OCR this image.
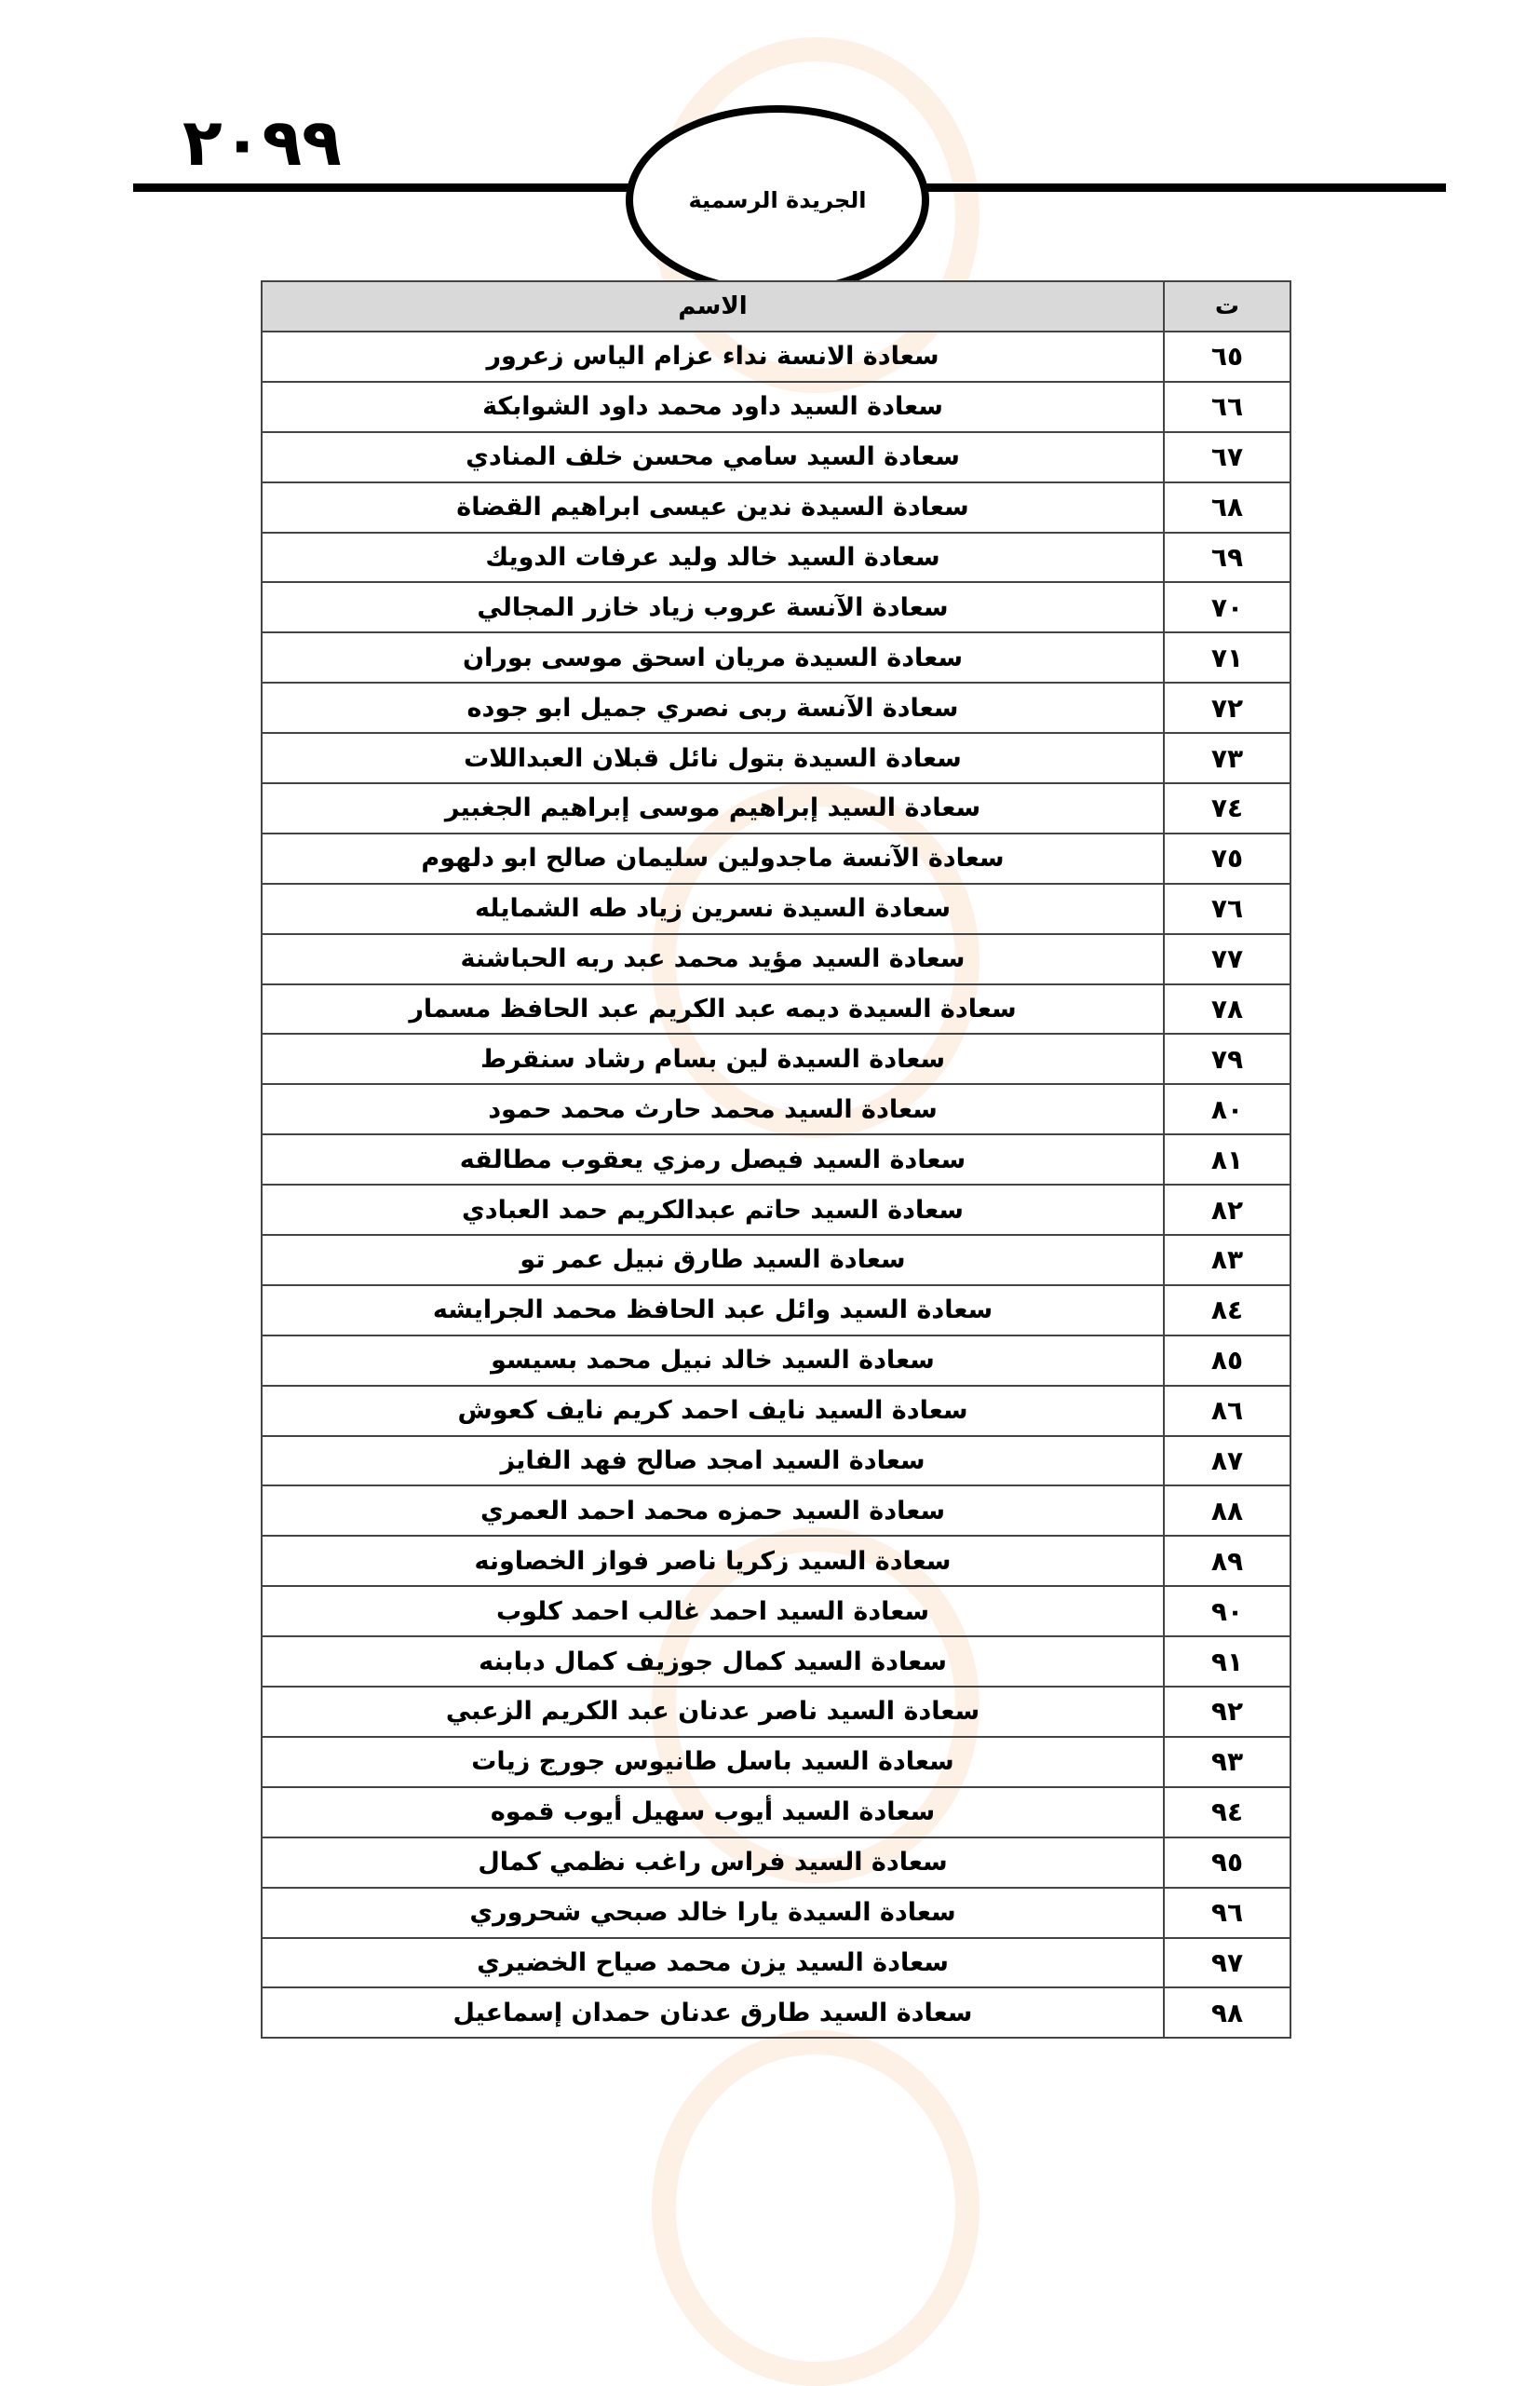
٢٠٩٩
الجريدة الرسمية
ت	الاسم
٦٥	سعادة الانسة نداء عزام الياس زعرور
٦٦	سعادة السيد داود محمد داود الشوابكة
٦٧	سعادة السيد سامي محسن خلف المنادي
٦٨	سعادة السيدة ندين عيسى ابراهيم القضاة
٦٩	سعادة السيد خالد وليد عرفات الدويك
٧٠	سعادة الآنسة عروب زياد خازر المجالي
٧١	سعادة السيدة مريان اسحق موسى بوران
٧٢	سعادة الآنسة ربى نصري جميل ابو جوده
٧٣	سعادة السيدة بتول نائل قبلان العبداللات
٧٤	سعادة السيد إبراهيم موسى إبراهيم الجغبير
٧٥	سعادة الآنسة ماجدولين سليمان صالح ابو دلهوم
٧٦	سعادة السيدة نسرين زياد طه الشمايله
٧٧	سعادة السيد مؤيد محمد عبد ربه الحباشنة
٧٨	سعادة السيدة ديمه عبد الكريم عبد الحافظ مسمار
٧٩	سعادة السيدة لين بسام رشاد سنقرط
٨٠	سعادة السيد محمد حارث محمد حمود
٨١	سعادة السيد فيصل رمزي يعقوب مطالقه
٨٢	سعادة السيد حاتم عبدالكريم حمد العبادي
٨٣	سعادة السيد طارق نبيل عمر تو
٨٤	سعادة السيد وائل عبد الحافظ محمد الجرايشه
٨٥	سعادة السيد خالد نبيل محمد بسيسو
٨٦	سعادة السيد نايف احمد كريم نايف كعوش
٨٧	سعادة السيد امجد صالح فهد الفايز
٨٨	سعادة السيد حمزه محمد احمد العمري
٨٩	سعادة السيد زكريا ناصر فواز الخصاونه
٩٠	سعادة السيد احمد غالب احمد كلوب
٩١	سعادة السيد كمال جوزيف كمال دبابنه
٩٢	سعادة السيد ناصر عدنان عبد الكريم الزعبي
٩٣	سعادة السيد باسل طانيوس جورج زيات
٩٤	سعادة السيد أيوب سهيل أيوب قموه
٩٥	سعادة السيد فراس راغب نظمي كمال
٩٦	سعادة السيدة يارا خالد صبحي شحروري
٩٧	سعادة السيد يزن محمد صياح الخضيري
٩٨	سعادة السيد طارق عدنان حمدان إسماعيل
